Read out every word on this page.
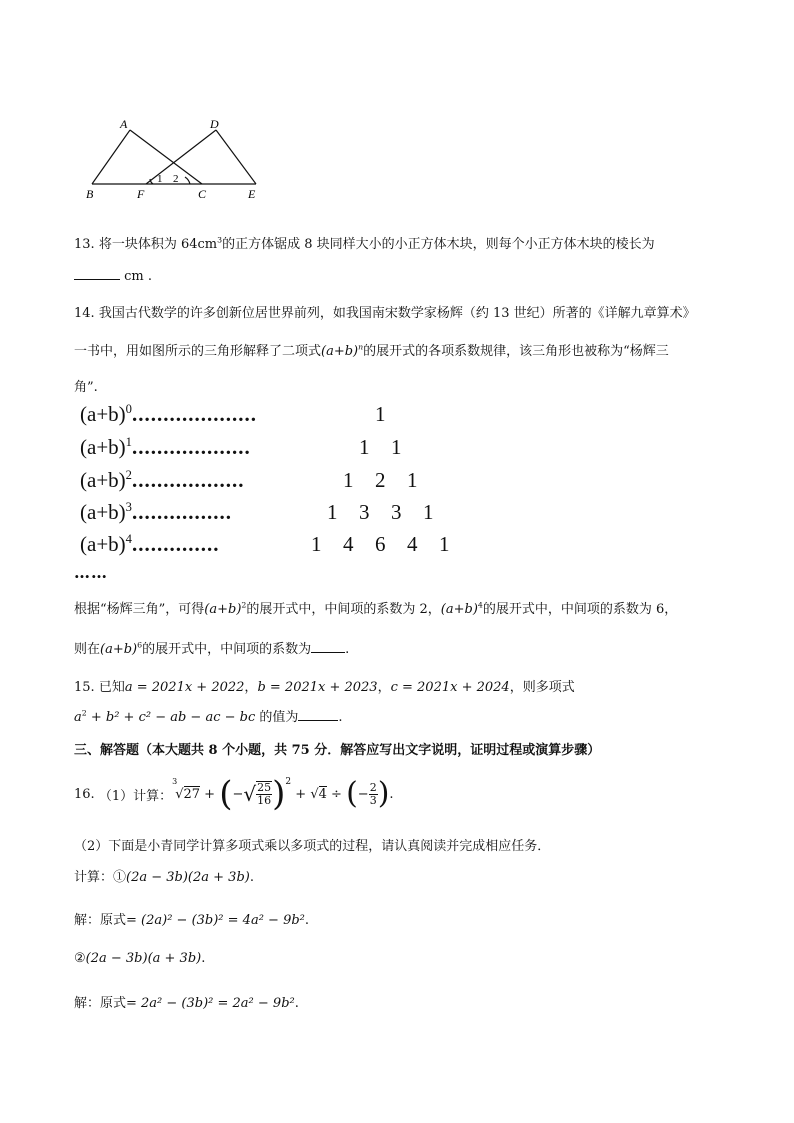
A	D
B	F	C	E
1 2
13. 将一块体积为 $64cm^3$的正方体锯成 8 块同样大小的小正方体木块，则每个小正方体木块的棱长为
cm .
14. 我国古代数学的许多创新位居世界前列，如我国南宋数学家杨辉（约 13 世纪）所著的《详解九章算术》
一书中，用如图所示的三角形解释了二项式$(a+b)^n$的展开式的各项系数规律，该三角形也被称为“杨辉三
角”.
$(a+b)^0$....................	1
$(a+b)^1$...................	1 1
$(a+b)^2$..................	1 2 1
$(a+b)^3$................	1 3 3 1
$(a+b)^4$..............	1 4 6 4 1
……
根据“杨辉三角”，可得$(a+b)^2$的展开式中，中间项的系数为 2，$(a+b)^4$的展开式中，中间项的系数为 6，
则在$(a+b)^6$的展开式中，中间项的系数为	.
15. 已知a = 2021x + 2022，b = 2021x + 2023，c = 2021x + 2024，则多项式
$a^2 + b^2 + c^2$ − ab − ac − bc 的值为	.
三、解答题（本大题共 8 个小题，共 75 分．解答应写出文字说明，证明过程或演算步骤）
16.
（1）计算：
3
√ 27 + ( − √ $\frac{25}{16} )^2$
+ √ 4 ÷ ( − $\frac{2}{3}$ ) .
（2）下面是小青同学计算多项式乘以多项式的过程，请认真阅读并完成相应任务．
计算：①(2a − 3b)(2a + 3b).
解：原式= (2a)² − (3b)² = 4a² − 9b².
②(2a − 3b)(a + 3b).
解：原式= 2a² − (3b)² = 2a² − 9b².
